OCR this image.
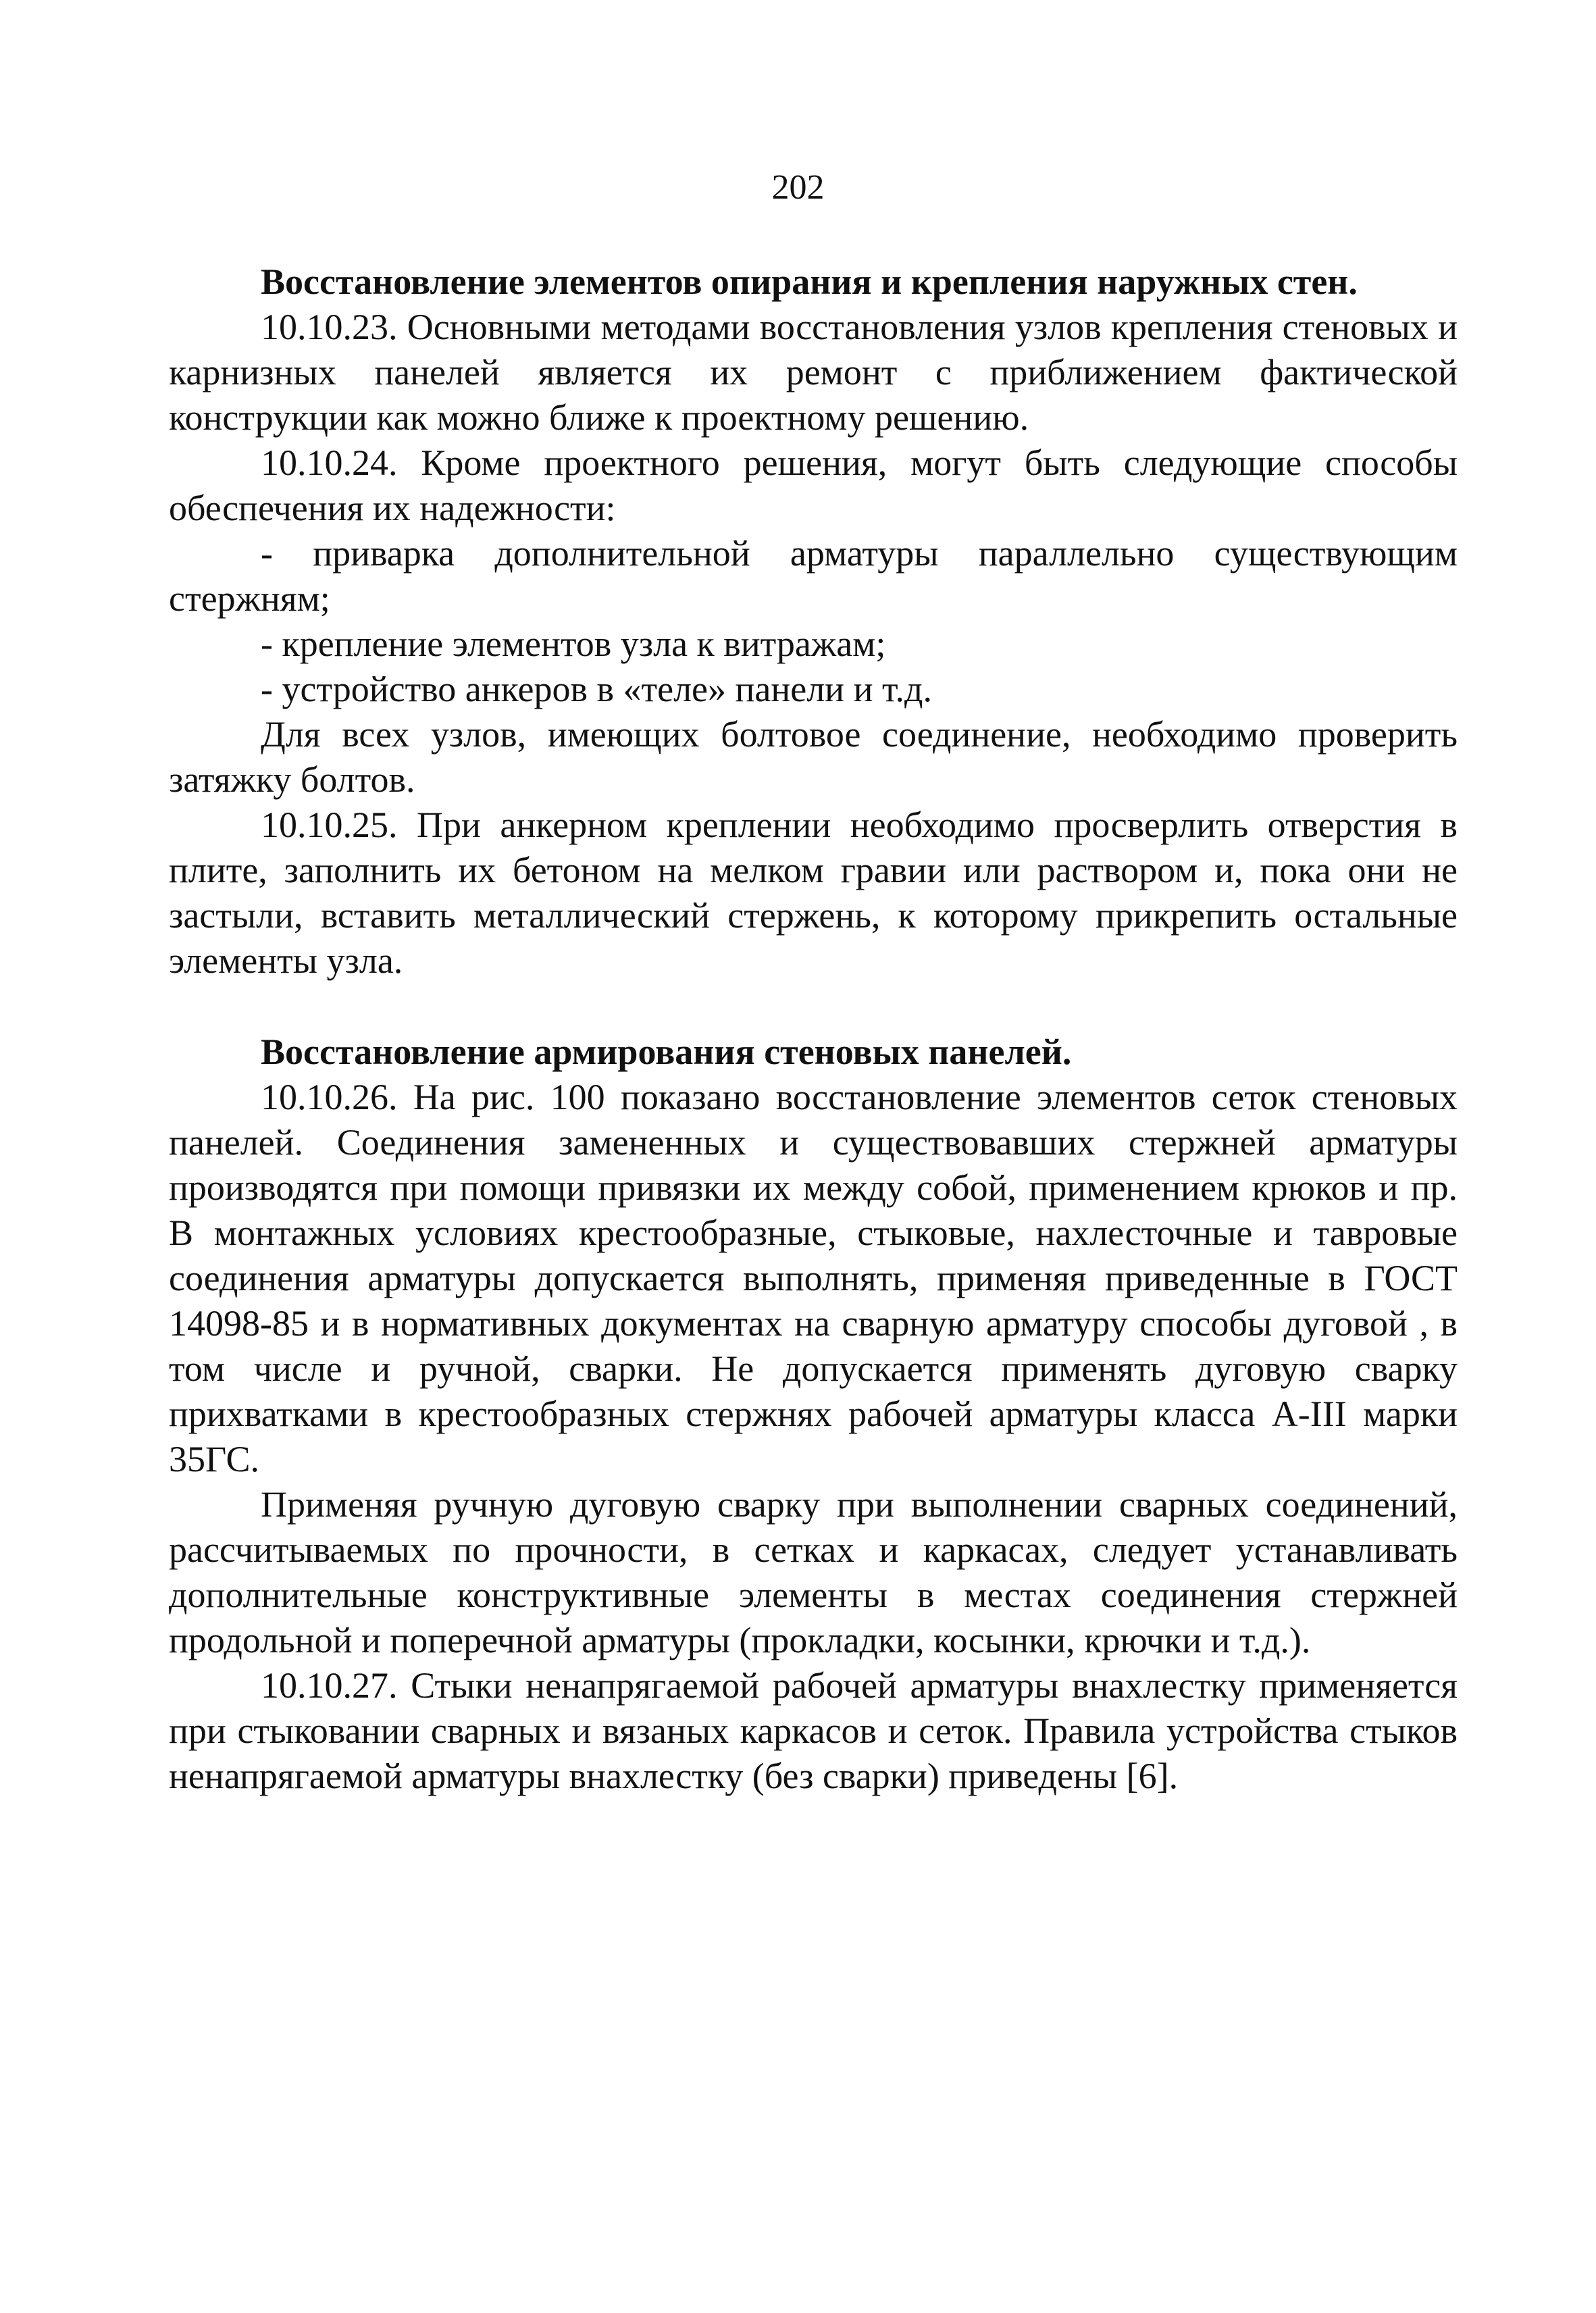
202

Восстановление элементов опирания и крепления наружных стен.

10.10.23. Основными методами восстановления узлов крепления стеновых и карнизных панелей является их ремонт с приближением фактической конструкции как можно ближе к проектному решению.

10.10.24. Кроме проектного решения, могут быть следующие способы обеспечения их надежности:

- приварка дополнительной арматуры параллельно существующим стержням;

- крепление элементов узла к витражам;

- устройство анкеров в «теле» панели и т.д.

Для всех узлов, имеющих болтовое соединение, необходимо проверить затяжку болтов.

10.10.25. При анкерном креплении необходимо просверлить отверстия в плите, заполнить их бетоном на мелком гравии или раствором и, пока они не застыли, вставить металлический стержень, к которому прикрепить остальные элементы узла.

Восстановление армирования стеновых панелей.

10.10.26. На рис. 100 показано восстановление элементов сеток стеновых панелей. Соединения замененных и существовавших стержней арматуры производятся при помощи привязки их между собой, применением крюков и пр. В монтажных условиях крестообразные, стыковые, нахлесточные и тавровые соединения арматуры допускается выполнять, применяя приведенные в ГОСТ 14098-85 и в нормативных документах на сварную арматуру способы дуговой , в том числе и ручной, сварки. Не допускается применять дуговую сварку прихватками в крестообразных стержнях рабочей арматуры класса А-III марки 35ГС.

Применяя ручную дуговую сварку при выполнении сварных соединений, рассчитываемых по прочности, в сетках и каркасах, следует устанавливать дополнительные конструктивные элементы в местах соединения стержней продольной и поперечной арматуры (прокладки, косынки, крючки и т.д.).

10.10.27. Стыки ненапрягаемой рабочей арматуры внахлестку применяется при стыковании сварных и вязаных каркасов и сеток. Правила устройства стыков ненапрягаемой арматуры внахлестку (без сварки) приведены [6].
